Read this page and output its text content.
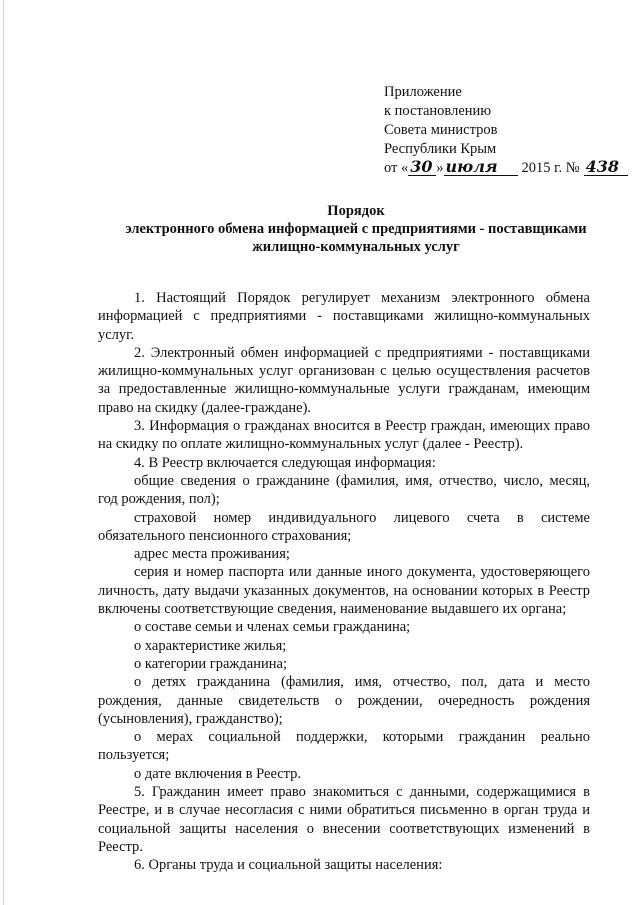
Приложение
к постановлению
Совета министров
Республики Крым
от « 30 » июля	2015 г. № 438
Порядок
электронного обмена информацией с предприятиями - поставщиками
жилищно-коммунальных услуг

1. Настоящий Порядок регулирует механизм электронного обмена информацией с предприятиями - поставщиками жилищно-коммунальных услуг.

2. Электронный обмен информацией с предприятиями - поставщиками жилищно-коммунальных услуг организован с целью осуществления расчетов за предоставленные жилищно-коммунальные услуги гражданам, имеющим право на скидку (далее-граждане).

3. Информация о гражданах вносится в Реестр граждан, имеющих право на скидку по оплате жилищно-коммунальных услуг (далее - Реестр).

4. В Реестр включается следующая информация:

общие сведения о гражданине (фамилия, имя, отчество, число, месяц, год рождения, пол);

страховой номер индивидуального лицевого счета в системе обязательного пенсионного страхования;

адрес места проживания;

серия и номер паспорта или данные иного документа, удостоверяющего личность, дату выдачи указанных документов, на основании которых в Реестр включены соответствующие сведения, наименование выдавшего их органа;

о составе семьи и членах семьи гражданина;

о характеристике жилья;

о категории гражданина;

о детях гражданина (фамилия, имя, отчество, пол, дата и место рождения, данные свидетельств о рождении, очередность рождения (усыновления), гражданство);

о мерах социальной поддержки, которыми гражданин реально пользуется;

о дате включения в Реестр.

5. Гражданин имеет право знакомиться с данными, содержащимися в Реестре, и в случае несогласия с ними обратиться письменно в орган труда и социальной защиты населения о внесении соответствующих изменений в Реестр.

6. Органы труда и социальной защиты населения:
